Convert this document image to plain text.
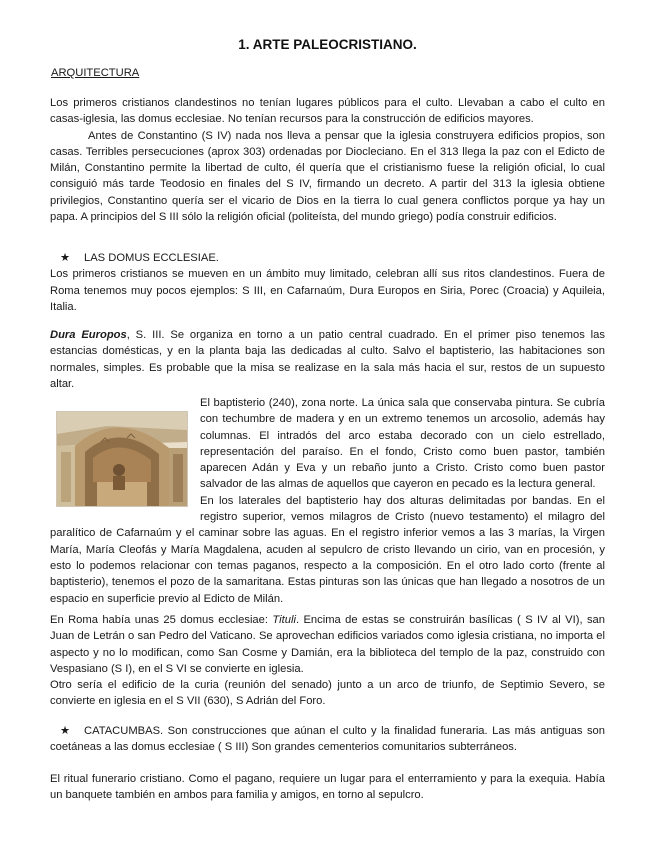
1. ARTE PALEOCRISTIANO.
ARQUITECTURA

Los primeros cristianos clandestinos no tenían lugares públicos para el culto. Llevaban a cabo el culto en casas-iglesia, las domus ecclesiae. No tenían recursos para la construcción de edificios mayores.

Antes de Constantino (S IV) nada nos lleva a pensar que la iglesia construyera edificios propios, son casas. Terribles persecuciones (aprox 303) ordenadas por Diocleciano. En el 313 llega la paz con el Edicto de Milán, Constantino permite la libertad de culto, él quería que el cristianismo fuese la religión oficial, lo cual consiguió más tarde Teodosio en finales del S IV, firmando un decreto. A partir del 313 la iglesia obtiene privilegios, Constantino quería ser el vicario de Dios en la tierra lo cual genera conflictos porque ya hay un papa. A principios del S III sólo la religión oficial (politeísta, del mundo griego) podía construir edificios.

★ LAS DOMUS ECCLESIAE.

Los primeros cristianos se mueven en un ámbito muy limitado, celebran allí sus ritos clandestinos. Fuera de Roma tenemos muy pocos ejemplos: S III, en Cafarnaúm, Dura Europos en Siria, Porec (Croacia) y Aquileia, Italia.

Dura Europos, S. III. Se organiza en torno a un patio central cuadrado. En el primer piso tenemos las estancias domésticas, y en la planta baja las dedicadas al culto. Salvo el baptisterio, las habitaciones son normales, simples. Es probable que la misa se realizase en la sala más hacia el sur, restos de un supuesto altar.

El baptisterio (240), zona norte. La única sala que conservaba pintura. Se cubría con techumbre de madera y en un extremo tenemos un arcosolio, además hay columnas. El intradós del arco estaba decorado con un cielo estrellado, representación del paraíso. En el fondo, Cristo como buen pastor, también aparecen Adán y Eva y un rebaño junto a Cristo. Cristo como buen pastor salvador de las almas de aquellos que cayeron en pecado es la lectura general.

En los laterales del baptisterio hay dos alturas delimitadas por bandas. En el registro superior, vemos milagros de Cristo (nuevo testamento) el milagro del paralítico de Cafarnaúm y el caminar sobre las aguas. En el registro inferior vemos a las 3 marías, la Virgen María, María Cleofás y María Magdalena, acuden al sepulcro de cristo llevando un cirio, van en procesión, y esto lo podemos relacionar con temas paganos, respecto a la composición. En el otro lado corto (frente al baptisterio), tenemos el pozo de la samaritana. Estas pinturas son las únicas que han llegado a nosotros de un espacio en superficie previo al Edicto de Milán.

En Roma había unas 25 domus ecclesiae: Tituli. Encima de estas se construirán basílicas ( S IV al VI), san Juan de Letrán o san Pedro del Vaticano. Se aprovechan edificios variados como iglesia cristiana, no importa el aspecto y no lo modifican, como San Cosme y Damián, era la biblioteca del templo de la paz, construido con Vespasiano (S I), en el S VI se convierte en iglesia.

Otro sería el edificio de la curia (reunión del senado) junto a un arco de triunfo, de Septimio Severo, se convierte en iglesia en el S VII (630), S Adrián del Foro.

★ CATACUMBAS. Son construcciones que aúnan el culto y la finalidad funeraria. Las más antiguas son coetáneas a las domus ecclesiae ( S III) Son grandes cementerios comunitarios subterráneos.

El ritual funerario cristiano. Como el pagano, requiere un lugar para el enterramiento y para la exequia. Había un banquete también en ambos para familia y amigos, en torno al sepulcro.
